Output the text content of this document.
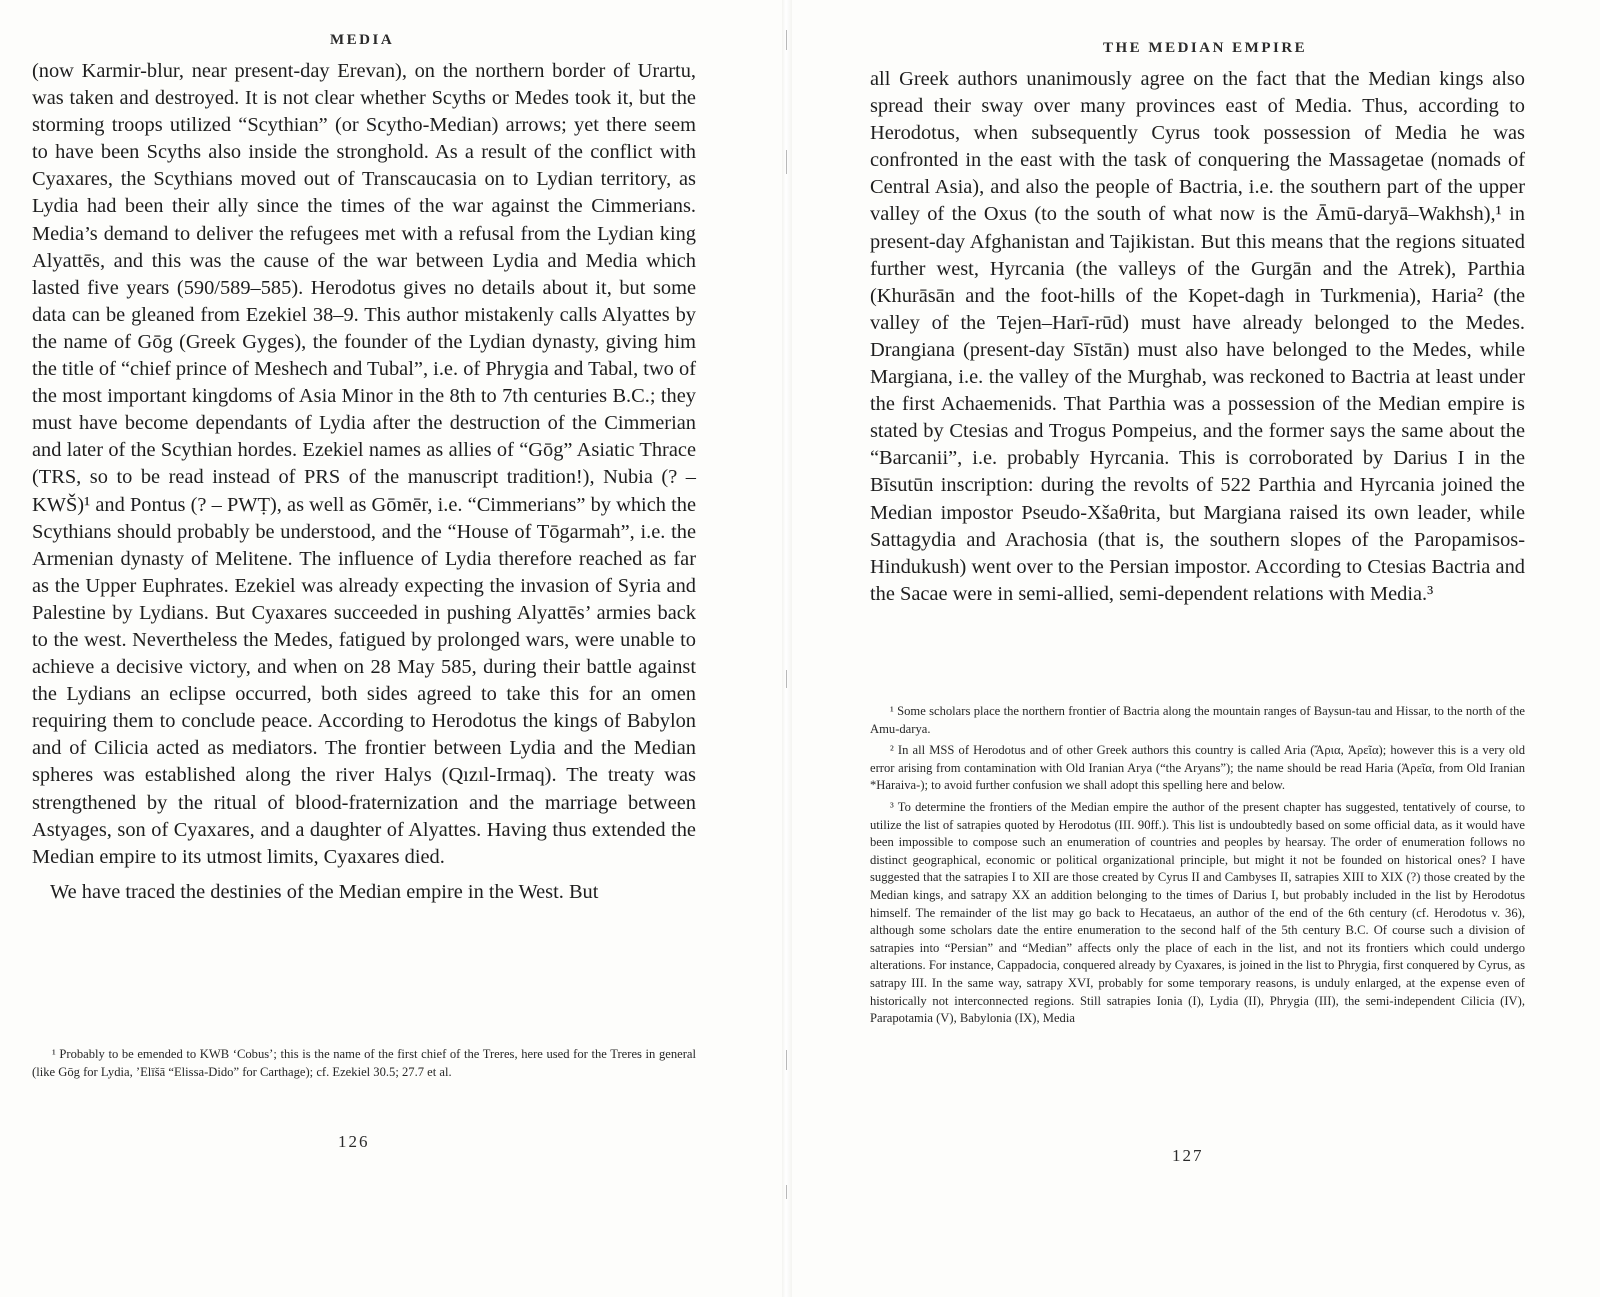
MEDIA

(now Karmir-blur, near present-day Erevan), on the northern border of Urartu, was taken and destroyed. It is not clear whether Scyths or Medes took it, but the storming troops utilized “Scythian” (or Scytho-Median) arrows; yet there seem to have been Scyths also inside the stronghold. As a result of the conflict with Cyaxares, the Scythians moved out of Transcaucasia on to Lydian territory, as Lydia had been their ally since the times of the war against the Cimmerians. Media’s demand to deliver the refugees met with a refusal from the Lydian king Alyattēs, and this was the cause of the war between Lydia and Media which lasted five years (590/589–585). Herodotus gives no details about it, but some data can be gleaned from Ezekiel 38–9. This author mistakenly calls Alyattes by the name of Gōg (Greek Gyges), the founder of the Lydian dynasty, giving him the title of “chief prince of Meshech and Tubal”, i.e. of Phrygia and Tabal, two of the most important kingdoms of Asia Minor in the 8th to 7th centuries B.C.; they must have become dependants of Lydia after the destruction of the Cimmerian and later of the Scythian hordes. Ezekiel names as allies of “Gōg” Asiatic Thrace (TRS, so to be read instead of PRS of the manuscript tradition!), Nubia (? – KWŠ)¹ and Pontus (? – PWṬ), as well as Gōmēr, i.e. “Cimmerians” by which the Scythians should probably be understood, and the “House of Tōgarmah”, i.e. the Armenian dynasty of Melitene. The influence of Lydia therefore reached as far as the Upper Euphrates. Ezekiel was already expecting the invasion of Syria and Palestine by Lydians. But Cyaxares succeeded in pushing Alyattēs’ armies back to the west. Nevertheless the Medes, fatigued by prolonged wars, were unable to achieve a decisive victory, and when on 28 May 585, during their battle against the Lydians an eclipse occurred, both sides agreed to take this for an omen requiring them to conclude peace. According to Herodotus the kings of Babylon and of Cilicia acted as mediators. The frontier between Lydia and the Median spheres was established along the river Halys (Qızıl-Irmaq). The treaty was strengthened by the ritual of blood-fraternization and the marriage between Astyages, son of Cyaxares, and a daughter of Alyattes. Having thus extended the Median empire to its utmost limits, Cyaxares died.

We have traced the destinies of the Median empire in the West. But

¹ Probably to be emended to KWB ‘Cobus’; this is the name of the first chief of the Treres, here used for the Treres in general (like Gōg for Lydia, ’Elīšā “Elissa-Dido” for Carthage); cf. Ezekiel 30.5; 27.7 et al.

126
THE MEDIAN EMPIRE

all Greek authors unanimously agree on the fact that the Median kings also spread their sway over many provinces east of Media. Thus, according to Herodotus, when subsequently Cyrus took possession of Media he was confronted in the east with the task of conquering the Massagetae (nomads of Central Asia), and also the people of Bactria, i.e. the southern part of the upper valley of the Oxus (to the south of what now is the Āmū-daryā–Wakhsh),¹ in present-day Afghanistan and Tajikistan. But this means that the regions situated further west, Hyrcania (the valleys of the Gurgān and the Atrek), Parthia (Khurāsān and the foot-hills of the Kopet-dagh in Turkmenia), Haria² (the valley of the Tejen–Harī-rūd) must have already belonged to the Medes. Drangiana (present-day Sīstān) must also have belonged to the Medes, while Margiana, i.e. the valley of the Murghab, was reckoned to Bactria at least under the first Achaemenids. That Parthia was a possession of the Median empire is stated by Ctesias and Trogus Pompeius, and the former says the same about the “Barcanii”, i.e. probably Hyrcania. This is corroborated by Darius I in the Bīsutūn inscription: during the revolts of 522 Parthia and Hyrcania joined the Median impostor Pseudo-Xšaθrita, but Margiana raised its own leader, while Sattagydia and Arachosia (that is, the southern slopes of the Paropamisos-Hindukush) went over to the Persian impostor. According to Ctesias Bactria and the Sacae were in semi-allied, semi-dependent relations with Media.³

¹ Some scholars place the northern frontier of Bactria along the mountain ranges of Baysun-tau and Hissar, to the north of the Amu-darya.

² In all MSS of Herodotus and of other Greek authors this country is called Aria (Ἄρια, Ἀρεῖα); however this is a very old error arising from contamination with Old Iranian Arya (“the Aryans”); the name should be read Haria (Ἁρεῖα, from Old Iranian *Haraiva-); to avoid further confusion we shall adopt this spelling here and below.

³ To determine the frontiers of the Median empire the author of the present chapter has suggested, tentatively of course, to utilize the list of satrapies quoted by Herodotus (III. 90ff.). This list is undoubtedly based on some official data, as it would have been impossible to compose such an enumeration of countries and peoples by hearsay. The order of enumeration follows no distinct geographical, economic or political organizational principle, but might it not be founded on historical ones? I have suggested that the satrapies I to XII are those created by Cyrus II and Cambyses II, satrapies XIII to XIX (?) those created by the Median kings, and satrapy XX an addition belonging to the times of Darius I, but probably included in the list by Herodotus himself. The remainder of the list may go back to Hecataeus, an author of the end of the 6th century (cf. Herodotus v. 36), although some scholars date the entire enumeration to the second half of the 5th century B.C. Of course such a division of satrapies into “Persian” and “Median” affects only the place of each in the list, and not its frontiers which could undergo alterations. For instance, Cappadocia, conquered already by Cyaxares, is joined in the list to Phrygia, first conquered by Cyrus, as satrapy III. In the same way, satrapy XVI, probably for some temporary reasons, is unduly enlarged, at the expense even of historically not interconnected regions. Still satrapies Ionia (I), Lydia (II), Phrygia (III), the semi-independent Cilicia (IV), Parapotamia (V), Babylonia (IX), Media

127
